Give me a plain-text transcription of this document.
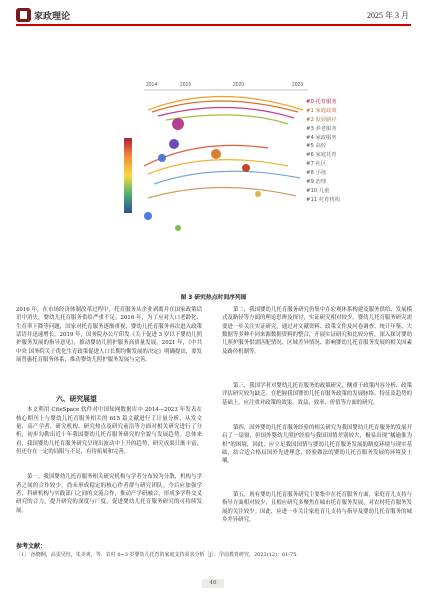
家政理论	2025 年 3 月
2014	2015	2020	2023
#0 托育服务
#1 家庭政策
#2 发展路径
#3 养老服务
#4 家政服务
#5 高校
#6 家庭托育
#7 社区
#8 小孩
#9 治理
#10 儿童
#11 托育机构
图 3 研究热点时间序列图

2016 年，在市场经济体制改革过程中，托育服务从企业剥离并在国家政策话语中消失，婴幼儿托育服务供给严重不足。2016 年，为了应对人口老龄化、生育率下降等问题，国家对托育服务逐渐重视，婴幼儿托育服务再次进入政策话语并迅速增长。2019 年，国务院办公厅印发《关于促进 3 岁以下婴幼儿照护服务发展的指导意见》，推动婴幼儿照护服务高质量发展。2021 年，《中共中央 国务院关于优化生育政策促进人口长期均衡发展的决定》明确提出，要发展普惠托育服务体系，推动婴幼儿照护服务发展与完善。

六、研究展望

本文利用 CiteSpace 软件对中国知网数据库中 2014—2023 年发表在核心期刊上与婴幼儿托育服务相关的 615 篇文献进行了计量分析，从发文量、高产学者、研究机构、研究热点及研究前沿等方面对相关研究进行了分析，初步勾勒出近十年我国婴幼儿托育服务研究的全貌与发展趋势。总体来看，我国婴幼儿托育服务研究呈现出波动中上升的趋势，研究成果日渐丰富，但还存在一定的局限与不足，有待拓展和完善。

第一，我国婴幼儿托育服务相关研究机构与学者分布较为分散，机构与学者之间的合作较少，尚未形成稳定的核心作者群与研究团队。今后应加强学者、科研机构与实践部门之间的交流合作，推动产学研融合，形成多学科交叉研究的合力，提升研究的深度与广度，促进婴幼儿托育服务研究的可持续发展。

第二，我国婴幼儿托育服务研究仍集中在宏观体系构建及服务供给、发展模式及路径等方面的理论思辨及探讨，实证研究相对较少。婴幼儿托育服务研究需要进一步关注实证研究，通过对文献资料、政策文件及问卷调查、统计年鉴、大数据等多种不同来源数据资料的整合，开展实证研究和比较分析，深入探讨婴幼儿照护服务供需匹配情况、区域差异情况、影响婴幼儿托育服务发展的相关因素及路径机制等。

第三，我国学者对婴幼儿托育服务的政策研究，侧重于政策内容分析、政策评估研究较为缺乏。在把握我国婴幼儿托育服务政策的发展脉络、特征及趋势的基础上，应注重对政策的效果、效益、效率、价值等方面的研究。

第四，国外婴幼儿托育服务经验的相关研究为我国婴幼儿托育服务的发展开启了一扇窗，但国外婴幼儿照护经验与我国国情差别较大，极易出现“橘逾淮为枳”的困境，因此，应立足我国国情与婴幼儿托育服务发展的制度环境与现实基础，结合适合格局国外先进理念、经验做法的婴幼儿托育服务发展的环境及土壤。

第五，现有婴幼儿托育服务研究主要集中在托育服务方面，家庭育儿支持与指导方面相对较少，且相应研究多聚焦在城市托育服务发展，对农村托育服务发展的关注较少。因此，应进一步关注家庭育儿支持与指导及婴幼儿托育服务的城乡差异研究。

参考文献：
［1］ 孙晓桐，高雯吴钰，朱美爽，等．农村 0~3 岁婴幼儿托育的家庭支持需求分析［J］．学前教育研究，2023(12)：61-75.
46
